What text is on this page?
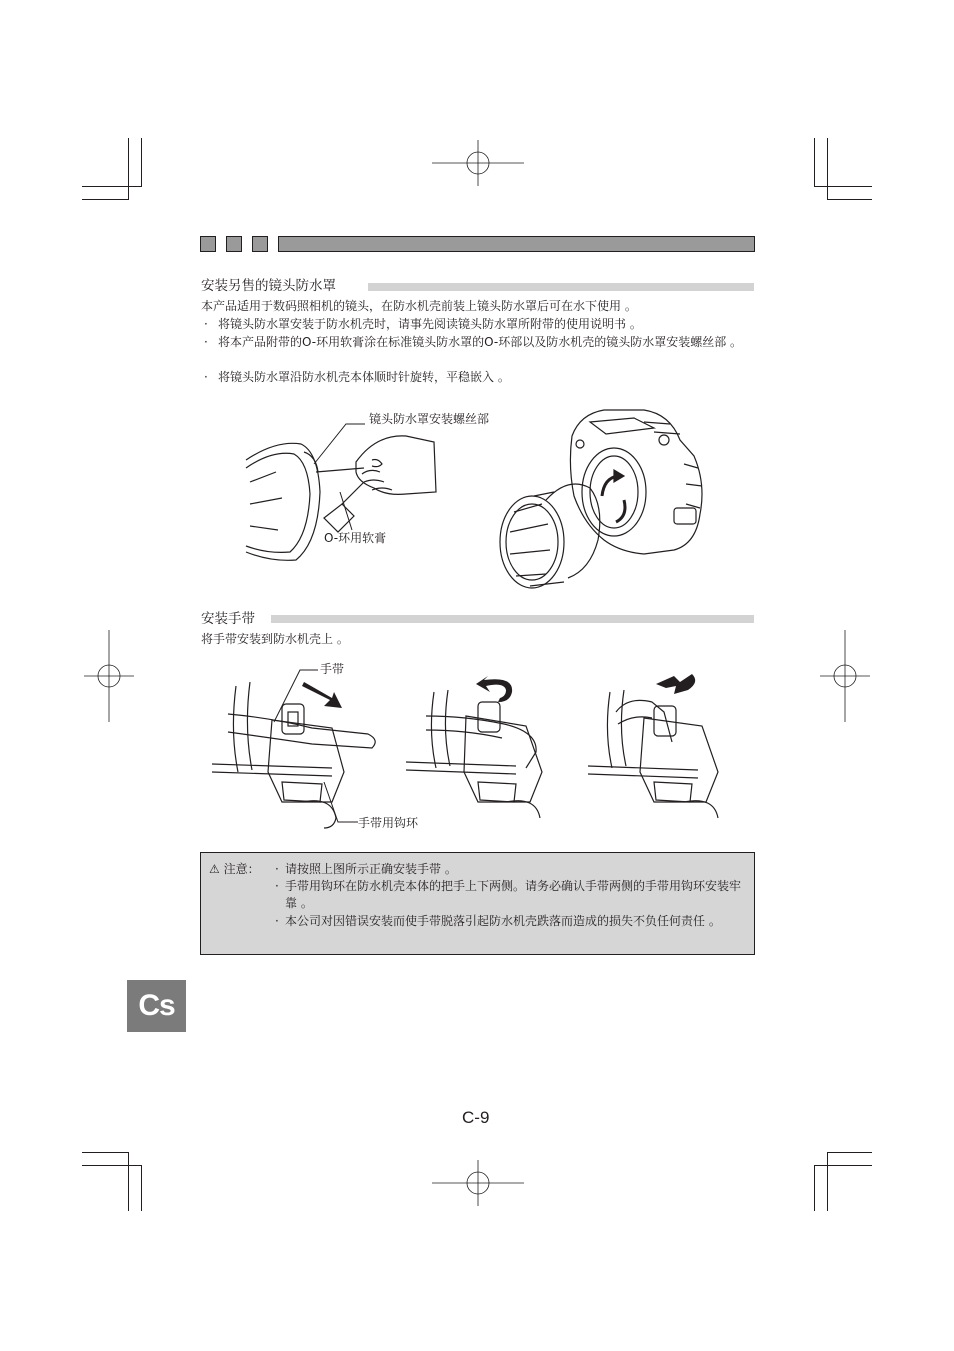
安装另售的镜头防水罩
本产品适用于数码照相机的镜头，在防水机壳前装上镜头防水罩后可在水下使用 。
· 将镜头防水罩安装于防水机壳时，请事先阅读镜头防水罩所附带的使用说明书 。
· 将本产品附带的O-环用软膏涂在标准镜头防水罩的O-环部以及防水机壳的镜头防水罩安装螺丝部 。
· 将镜头防水罩沿防水机壳本体顺时针旋转，平稳嵌入 。
镜头防水罩安装螺丝部
O-环用软膏
安装手带
将手带安装到防水机壳上 。
手带
手带用钩环
⚠ 注意： · 请按照上图所示正确安装手带 。
· 手带用钩环在防水机壳本体的把手上下两侧。请务必确认手带两侧的手带用钩环安装牢靠 。
· 本公司对因错误安装而使手带脱落引起防水机壳跌落而造成的损失不负任何责任 。
Cs
C-9
